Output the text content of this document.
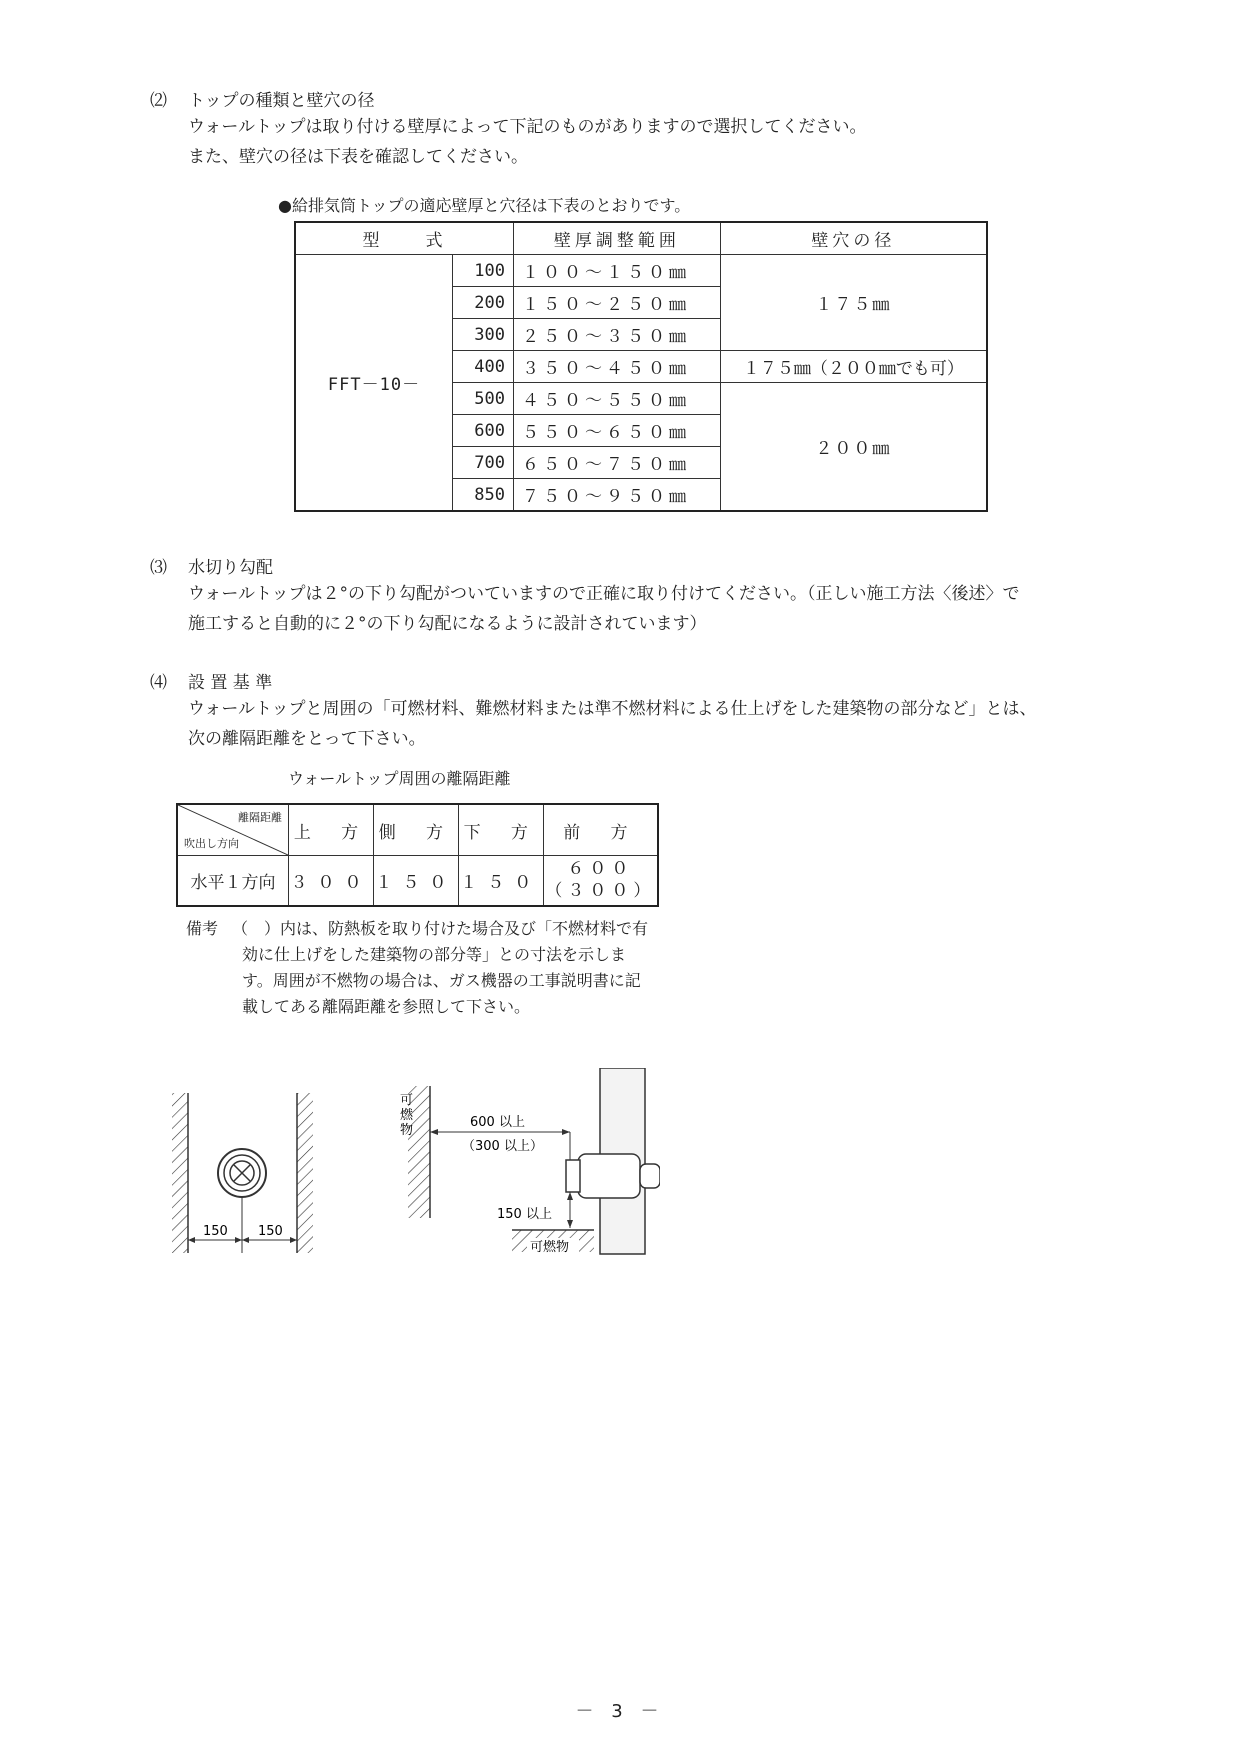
⑵ トップの種類と壁穴の径
ウォールトップは取り付ける壁厚によって下記のものがありますので選択してください。
また、壁穴の径は下表を確認してください。
●給排気筒トップの適応壁厚と穴径は下表のとおりです。
型　　式		壁厚調整範囲	壁穴の径
FFT－10－	100	１００～１５０㎜	１７５㎜
	200	１５０～２５０㎜	
	300	２５０～３５０㎜	
	400	３５０～４５０㎜	１７５㎜（２００㎜でも可）
	500	４５０～５５０㎜	２００㎜
	600	５５０～６５０㎜	
	700	６５０～７５０㎜	
	850	７５０～９５０㎜	
⑶ 水切り勾配
ウォールトップは２°の下り勾配がついていますので正確に取り付けてください。（正しい施工方法〈後述〉で
施工すると自動的に２°の下り勾配になるように設計されています）
⑷ 設 置 基 準
ウォールトップと周囲の「可燃材料、難燃材料または準不燃材料による仕上げをした建築物の部分など」とは、
次の離隔距離をとって下さい。
ウォールトップ周囲の離隔距離
離隔距離
吹出し方向	上 方	側 方	下 方	前 方
水平１方向	３００	１５０	１５０	６００
（３００）
備考 （　）内は、防熱板を取り付けた場合及び「不燃材料で有
効に仕上げをした建築物の部分等」との寸法を示しま
す。周囲が不燃物の場合は、ガス機器の工事説明書に記
載してある離隔距離を参照して下さい。
150 150
可
燃
物
600 以上
（300 以上）
150 以上
可燃物
－ 3 －
